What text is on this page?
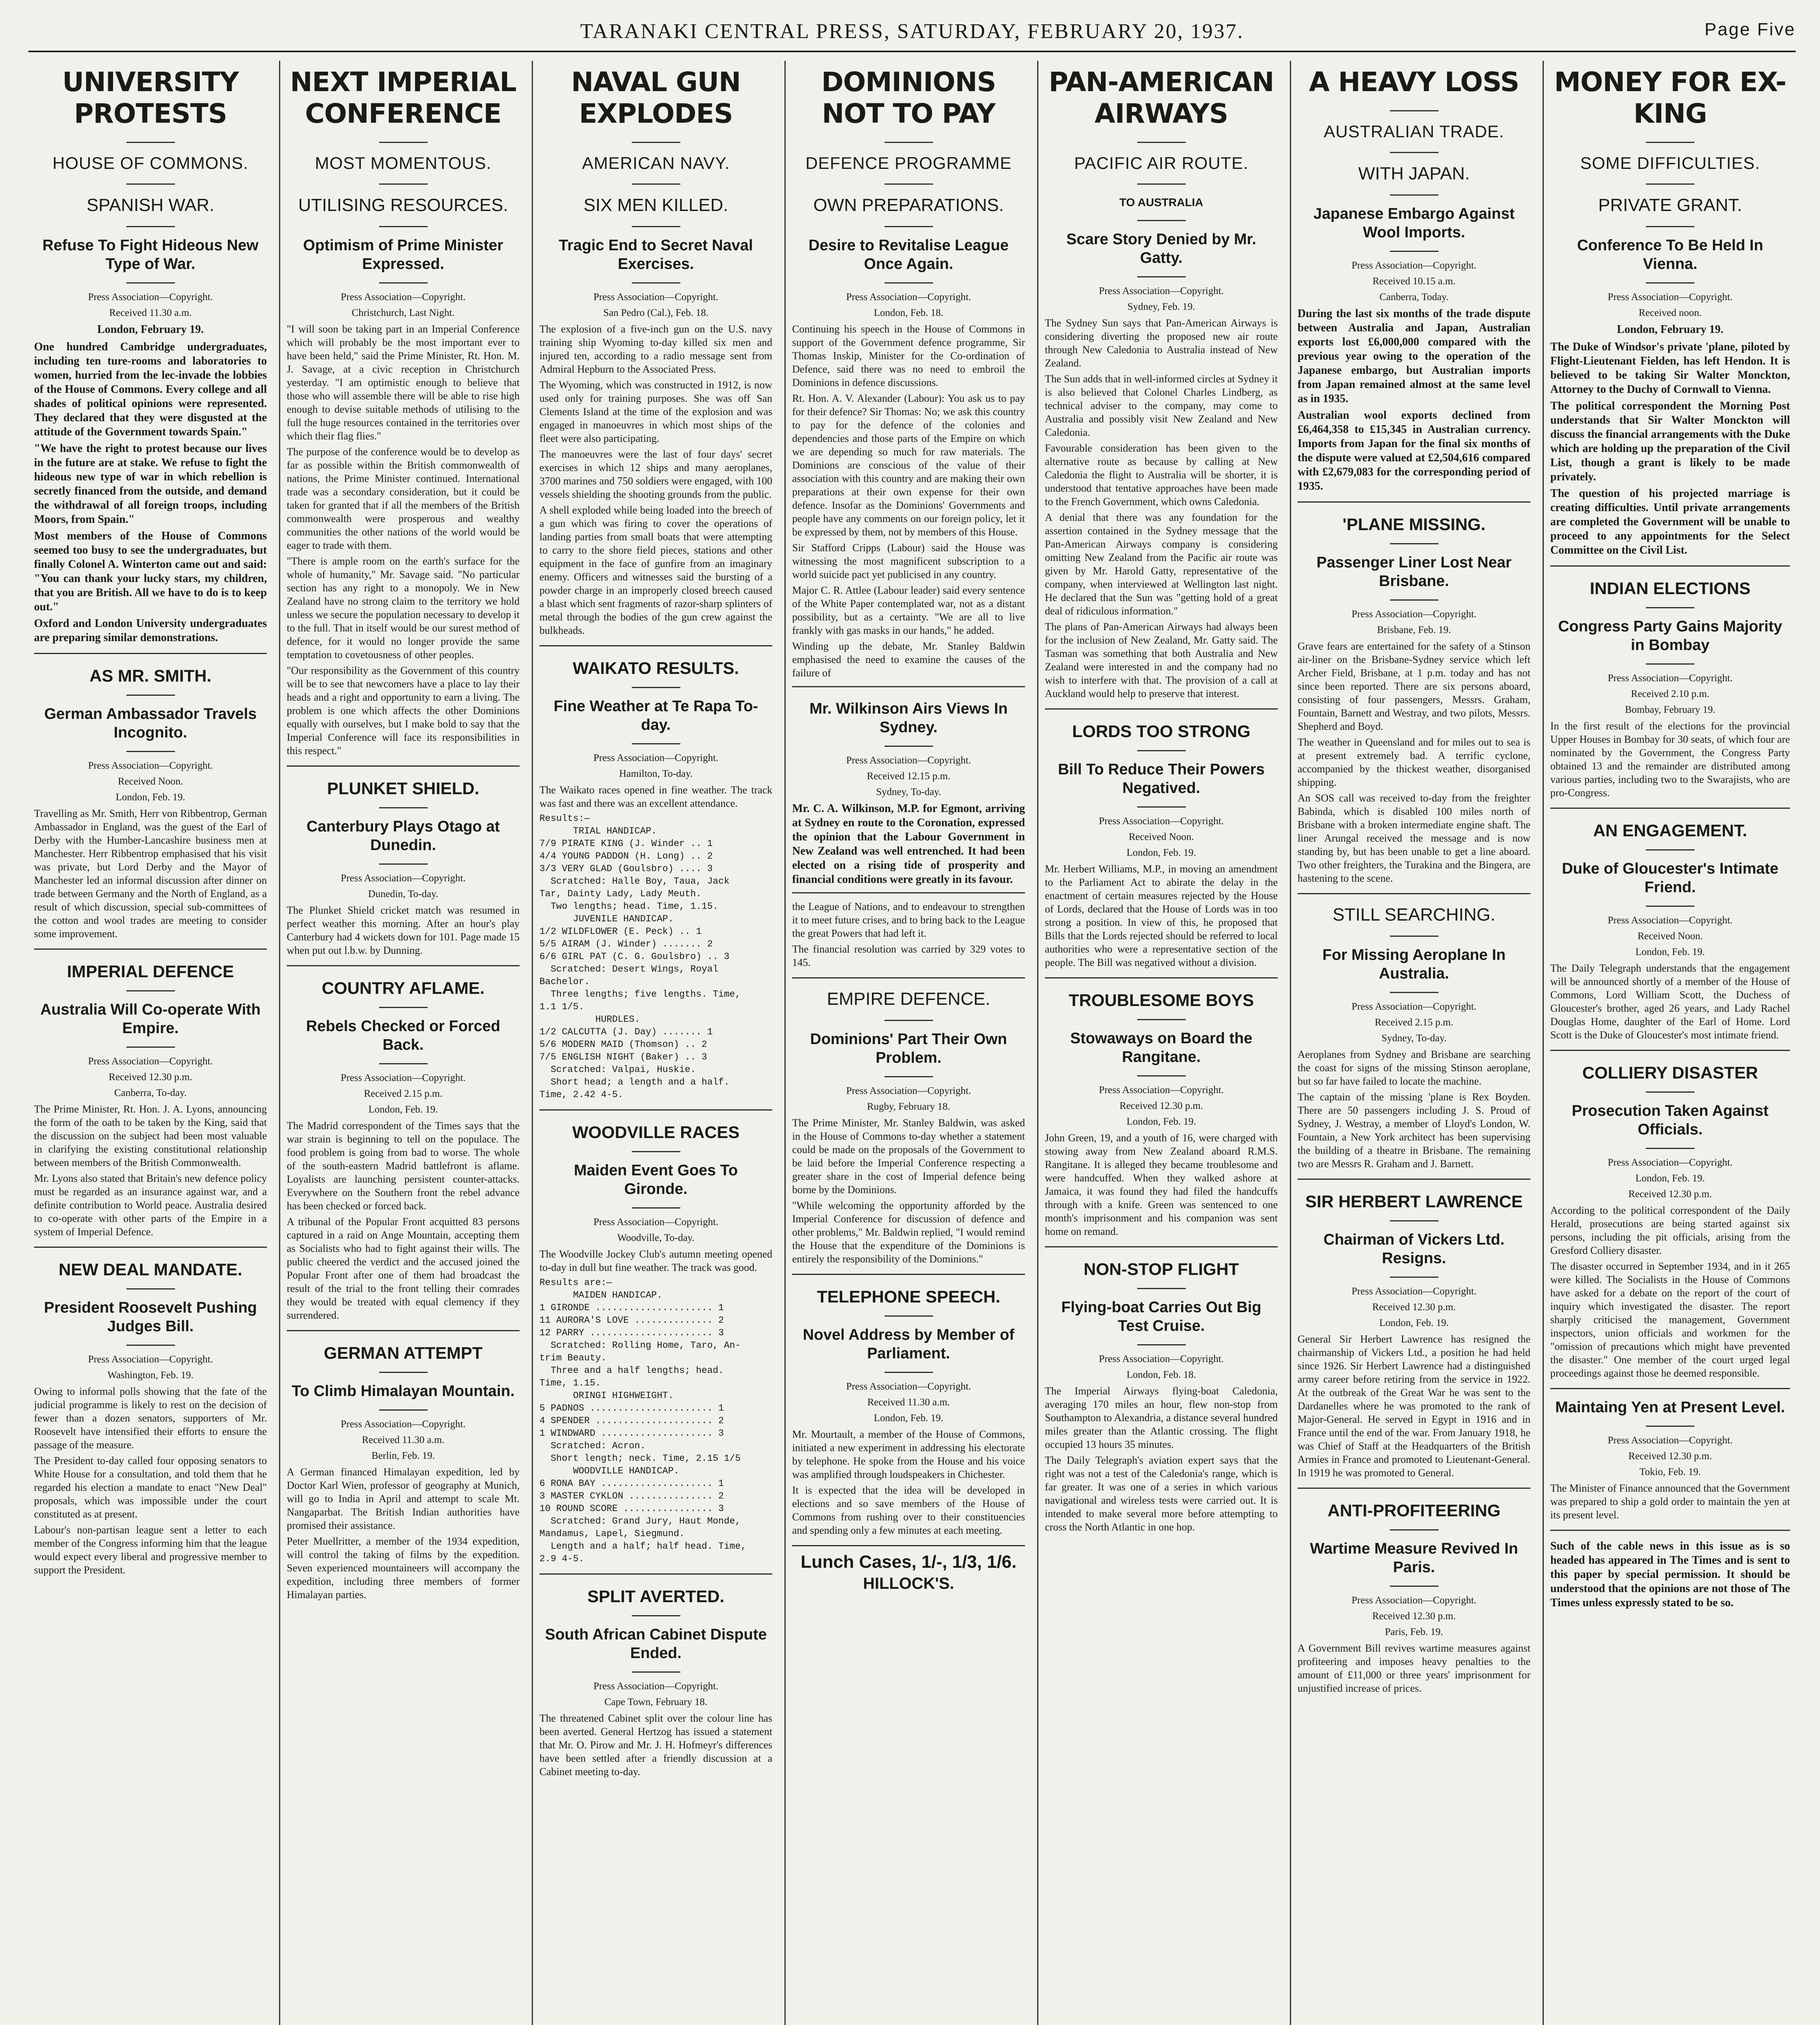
TARANAKI CENTRAL PRESS, SATURDAY, FEBRUARY 20, 1937.	Page Five
UNIVERSITY PROTESTS
HOUSE OF COMMONS.
SPANISH WAR.
Refuse To Fight Hideous New Type of War.
Press Association—Copyright.
Received 11.30 a.m.
London, February 19.

One hundred Cambridge undergraduates, including ten ture-rooms and laboratories to women, hurried from the lec-invade the lobbies of the House of Commons. Every college and all shades of political opinions were represented. They declared that they were disgusted at the attitude of the Government towards Spain."

"We have the right to protest because our lives in the future are at stake. We refuse to fight the hideous new type of war in which rebellion is secretly financed from the outside, and demand the withdrawal of all foreign troops, including Moors, from Spain."

Most members of the House of Commons seemed too busy to see the undergraduates, but finally Colonel A. Winterton came out and said: "You can thank your lucky stars, my children, that you are British. All we have to do is to keep out."

Oxford and London University undergraduates are preparing similar demonstrations.

AS MR. SMITH.
German Ambassador Travels Incognito.
Press Association—Copyright.
Received Noon.
London, Feb. 19.

Travelling as Mr. Smith, Herr von Ribbentrop, German Ambassador in England, was the guest of the Earl of Derby with the Humber-Lancashire business men at Manchester. Herr Ribbentrop emphasised that his visit was private, but Lord Derby and the Mayor of Manchester led an informal discussion after dinner on trade between Germany and the North of England, as a result of which discussion, special sub-committees of the cotton and wool trades are meeting to consider some improvement.

IMPERIAL DEFENCE
Australia Will Co-operate With Empire.
Press Association—Copyright.
Received 12.30 p.m.
Canberra, To-day.

The Prime Minister, Rt. Hon. J. A. Lyons, announcing the form of the oath to be taken by the King, said that the discussion on the subject had been most valuable in clarifying the existing constitutional relationship between members of the British Commonwealth.

Mr. Lyons also stated that Britain's new defence policy must be regarded as an insurance against war, and a definite contribution to World peace. Australia desired to co-operate with other parts of the Empire in a system of Imperial Defence.

NEW DEAL MANDATE.
President Roosevelt Pushing Judges Bill.
Press Association—Copyright.
Washington, Feb. 19.

Owing to informal polls showing that the fate of the judicial programme is likely to rest on the decision of fewer than a dozen senators, supporters of Mr. Roosevelt have intensified their efforts to ensure the passage of the measure.

The President to-day called four opposing senators to White House for a consultation, and told them that he regarded his election a mandate to enact "New Deal" proposals, which was impossible under the court constituted as at present.

Labour's non-partisan league sent a letter to each member of the Congress informing him that the league would expect every liberal and progressive member to support the President.

NEXT IMPERIAL CONFERENCE
MOST MOMENTOUS.
UTILISING RESOURCES.
Optimism of Prime Minister Expressed.
Press Association—Copyright.
Christchurch, Last Night.

"I will soon be taking part in an Imperial Conference which will probably be the most important ever to have been held," said the Prime Minister, Rt. Hon. M. J. Savage, at a civic reception in Christchurch yesterday. "I am optimistic enough to believe that those who will assemble there will be able to rise high enough to devise suitable methods of utilising to the full the huge resources contained in the territories over which their flag flies."

The purpose of the conference would be to develop as far as possible within the British commonwealth of nations, the Prime Minister continued. International trade was a secondary consideration, but it could be taken for granted that if all the members of the British commonwealth were prosperous and wealthy communities the other nations of the world would be eager to trade with them.

"There is ample room on the earth's surface for the whole of humanity," Mr. Savage said. "No particular section has any right to a monopoly. We in New Zealand have no strong claim to the territory we hold unless we secure the population necessary to develop it to the full. That in itself would be our surest method of defence, for it would no longer provide the same temptation to covetousness of other peoples.

"Our responsibility as the Government of this country will be to see that newcomers have a place to lay their heads and a right and opportunity to earn a living. The problem is one which affects the other Dominions equally with ourselves, but I make bold to say that the Imperial Conference will face its responsibilities in this respect."

PLUNKET SHIELD.
Canterbury Plays Otago at Dunedin.
Press Association—Copyright.
Dunedin, To-day.

The Plunket Shield cricket match was resumed in perfect weather this morning. After an hour's play Canterbury had 4 wickets down for 101. Page made 15 when put out l.b.w. by Dunning.

COUNTRY AFLAME.
Rebels Checked or Forced Back.
Press Association—Copyright.
Received 2.15 p.m.
London, Feb. 19.

The Madrid correspondent of the Times says that the war strain is beginning to tell on the populace. The food problem is going from bad to worse. The whole of the south-eastern Madrid battlefront is aflame. Loyalists are launching persistent counter-attacks. Everywhere on the Southern front the rebel advance has been checked or forced back.

A tribunal of the Popular Front acquitted 83 persons captured in a raid on Ange Mountain, accepting them as Socialists who had to fight against their wills. The public cheered the verdict and the accused joined the Popular Front after one of them had broadcast the result of the trial to the front telling their comrades they would be treated with equal clemency if they surrendered.

GERMAN ATTEMPT
To Climb Himalayan Mountain.
Press Association—Copyright.
Received 11.30 a.m.
Berlin, Feb. 19.

A German financed Himalayan expedition, led by Doctor Karl Wien, professor of geography at Munich, will go to India in April and attempt to scale Mt. Nangaparbat. The British Indian authorities have promised their assistance.

Peter Muellritter, a member of the 1934 expedition, will control the taking of films by the expedition. Seven experienced mountaineers will accompany the expedition, including three members of former Himalayan parties.

NAVAL GUN EXPLODES
AMERICAN NAVY.
SIX MEN KILLED.
Tragic End to Secret Naval Exercises.
Press Association—Copyright.
San Pedro (Cal.), Feb. 18.

The explosion of a five-inch gun on the U.S. navy training ship Wyoming to-day killed six men and injured ten, according to a radio message sent from Admiral Hepburn to the Associated Press.

The Wyoming, which was constructed in 1912, is now used only for training purposes. She was off San Clements Island at the time of the explosion and was engaged in manoeuvres in which most ships of the fleet were also participating.

The manoeuvres were the last of four days' secret exercises in which 12 ships and many aeroplanes, 3700 marines and 750 soldiers were engaged, with 100 vessels shielding the shooting grounds from the public.

A shell exploded while being loaded into the breech of a gun which was firing to cover the operations of landing parties from small boats that were attempting to carry to the shore field pieces, stations and other equipment in the face of gunfire from an imaginary enemy. Officers and witnesses said the bursting of a powder charge in an improperly closed breech caused a blast which sent fragments of razor-sharp splinters of metal through the bodies of the gun crew against the bulkheads.

WAIKATO RESULTS.
Fine Weather at Te Rapa To-day.
Press Association—Copyright.
Hamilton, To-day.

The Waikato races opened in fine weather. The track was fast and there was an excellent attendance.

Results:—
TRIAL HANDICAP.
7/9 PIRATE KING (J. Winder .. 1
4/4 YOUNG PADDON (H. Long) .. 2
3/3 VERY GLAD (Goulsbro) .... 3
Scratched: Halle Boy, Taua, Jack
Tar, Dainty Lady, Lady Meuth.
Two lengths; head. Time, 1.15.
JUVENILE HANDICAP.
1/2 WILDFLOWER (E. Peck) .. 1
5/5 AIRAM (J. Winder) ....... 2
6/6 GIRL PAT (C. G. Goulsbro) .. 3
Scratched: Desert Wings, Royal
Bachelor.
Three lengths; five lengths. Time,
1.1 1/5.
HURDLES.
1/2 CALCUTTA (J. Day) ....... 1
5/6 MODERN MAID (Thomson) .. 2
7/5 ENGLISH NIGHT (Baker) .. 3
Scratched: Valpai, Huskie.
Short head; a length and a half.
Time, 2.42 4-5.
WOODVILLE RACES
Maiden Event Goes To Gironde.
Press Association—Copyright.
Woodville, To-day.

The Woodville Jockey Club's autumn meeting opened to-day in dull but fine weather. The track was good.

Results are:—
MAIDEN HANDICAP.
1 GIRONDE ..................... 1
11 AURORA'S LOVE .............. 2
12 PARRY ...................... 3
Scratched: Rolling Home, Taro, An-
trim Beauty.
Three and a half lengths; head.
Time, 1.15.
ORINGI HIGHWEIGHT.
5 PADNOS ...................... 1
4 SPENDER ..................... 2
1 WINDWARD .................... 3
Scratched: Acron.
Short length; neck. Time, 2.15 1/5
WOODVILLE HANDICAP.
6 RONA BAY .................... 1
3 MASTER CYKLON ............... 2
10 ROUND SCORE ................ 3
Scratched: Grand Jury, Haut Monde,
Mandamus, Lapel, Siegmund.
Length and a half; half head. Time,
2.9 4-5.
SPLIT AVERTED.
South African Cabinet Dispute Ended.
Press Association—Copyright.
Cape Town, February 18.

The threatened Cabinet split over the colour line has been averted. General Hertzog has issued a statement that Mr. O. Pirow and Mr. J. H. Hofmeyr's differences have been settled after a friendly discussion at a Cabinet meeting to-day.

DOMINIONS NOT TO PAY
DEFENCE PROGRAMME
OWN PREPARATIONS.
Desire to Revitalise League Once Again.
Press Association—Copyright.
London, Feb. 18.

Continuing his speech in the House of Commons in support of the Government defence programme, Sir Thomas Inskip, Minister for the Co-ordination of Defence, said there was no need to embroil the Dominions in defence discussions.

Rt. Hon. A. V. Alexander (Labour): You ask us to pay for their defence? Sir Thomas: No; we ask this country to pay for the defence of the colonies and dependencies and those parts of the Empire on which we are depending so much for raw materials. The Dominions are conscious of the value of their association with this country and are making their own preparations at their own expense for their own defence. Insofar as the Dominions' Governments and people have any comments on our foreign policy, let it be expressed by them, not by members of this House.

Sir Stafford Cripps (Labour) said the House was witnessing the most magnificent subscription to a world suicide pact yet publicised in any country.

Major C. R. Attlee (Labour leader) said every sentence of the White Paper contemplated war, not as a distant possibility, but as a certainty. "We are all to live frankly with gas masks in our hands," he added.

Winding up the debate, Mr. Stanley Baldwin emphasised the need to examine the causes of the failure of

Mr. Wilkinson Airs Views In Sydney.
Press Association—Copyright.
Received 12.15 p.m.
Sydney, To-day.

Mr. C. A. Wilkinson, M.P. for Egmont, arriving at Sydney en route to the Coronation, expressed the opinion that the Labour Government in New Zealand was well entrenched. It had been elected on a rising tide of prosperity and financial conditions were greatly in its favour.

the League of Nations, and to endeavour to strengthen it to meet future crises, and to bring back to the League the great Powers that had left it.

The financial resolution was carried by 329 votes to 145.

EMPIRE DEFENCE.
Dominions' Part Their Own Problem.
Press Association—Copyright.
Rugby, February 18.

The Prime Minister, Mr. Stanley Baldwin, was asked in the House of Commons to-day whether a statement could be made on the proposals of the Government to be laid before the Imperial Conference respecting a greater share in the cost of Imperial defence being borne by the Dominions.

"While welcoming the opportunity afforded by the Imperial Conference for discussion of defence and other problems," Mr. Baldwin replied, "I would remind the House that the expenditure of the Dominions is entirely the responsibility of the Dominions."

TELEPHONE SPEECH.
Novel Address by Member of Parliament.
Press Association—Copyright.
Received 11.30 a.m.
London, Feb. 19.

Mr. Mourtault, a member of the House of Commons, initiated a new experiment in addressing his electorate by telephone. He spoke from the House and his voice was amplified through loudspeakers in Chichester.

It is expected that the idea will be developed in elections and so save members of the House of Commons from rushing over to their constituencies and spending only a few minutes at each meeting.

Lunch Cases, 1/-, 1/3, 1/6.
HILLOCK'S.
PAN-AMERICAN AIRWAYS
PACIFIC AIR ROUTE.
TO AUSTRALIA
Scare Story Denied by Mr. Gatty.
Press Association—Copyright.
Sydney, Feb. 19.

The Sydney Sun says that Pan-American Airways is considering diverting the proposed new air route through New Caledonia to Australia instead of New Zealand.

The Sun adds that in well-informed circles at Sydney it is also believed that Colonel Charles Lindberg, as technical adviser to the company, may come to Australia and possibly visit New Zealand and New Caledonia.

Favourable consideration has been given to the alternative route as because by calling at New Caledonia the flight to Australia will be shorter, it is understood that tentative approaches have been made to the French Government, which owns Caledonia.

A denial that there was any foundation for the assertion contained in the Sydney message that the Pan-American Airways company is considering omitting New Zealand from the Pacific air route was given by Mr. Harold Gatty, representative of the company, when interviewed at Wellington last night. He declared that the Sun was "getting hold of a great deal of ridiculous information."

The plans of Pan-American Airways had always been for the inclusion of New Zealand, Mr. Gatty said. The Tasman was something that both Australia and New Zealand were interested in and the company had no wish to interfere with that. The provision of a call at Auckland would help to preserve that interest.

LORDS TOO STRONG
Bill To Reduce Their Powers Negatived.
Press Association—Copyright.
Received Noon.
London, Feb. 19.

Mr. Herbert Williams, M.P., in moving an amendment to the Parliament Act to abirate the delay in the enactment of certain measures rejected by the House of Lords, declared that the House of Lords was in too strong a position. In view of this, he proposed that Bills that the Lords rejected should be referred to local authorities who were a representative section of the people. The Bill was negatived without a division.

TROUBLESOME BOYS
Stowaways on Board the Rangitane.
Press Association—Copyright.
Received 12.30 p.m.
London, Feb. 19.

John Green, 19, and a youth of 16, were charged with stowing away from New Zealand aboard R.M.S. Rangitane. It is alleged they became troublesome and were handcuffed. When they walked ashore at Jamaica, it was found they had filed the handcuffs through with a knife. Green was sentenced to one month's imprisonment and his companion was sent home on remand.

NON-STOP FLIGHT
Flying-boat Carries Out Big Test Cruise.
Press Association—Copyright.
London, Feb. 18.

The Imperial Airways flying-boat Caledonia, averaging 170 miles an hour, flew non-stop from Southampton to Alexandria, a distance several hundred miles greater than the Atlantic crossing. The flight occupied 13 hours 35 minutes.

The Daily Telegraph's aviation expert says that the right was not a test of the Caledonia's range, which is far greater. It was one of a series in which various navigational and wireless tests were carried out. It is intended to make several more before attempting to cross the North Atlantic in one hop.

A HEAVY LOSS
AUSTRALIAN TRADE.
WITH JAPAN.
Japanese Embargo Against Wool Imports.
Press Association—Copyright.
Received 10.15 a.m.
Canberra, Today.

During the last six months of the trade dispute between Australia and Japan, Australian exports lost £6,000,000 compared with the previous year owing to the operation of the Japanese embargo, but Australian imports from Japan remained almost at the same level as in 1935.

Australian wool exports declined from £6,464,358 to £15,345 in Australian currency. Imports from Japan for the final six months of the dispute were valued at £2,504,616 compared with £2,679,083 for the corresponding period of 1935.

'PLANE MISSING.
Passenger Liner Lost Near Brisbane.
Press Association—Copyright.
Brisbane, Feb. 19.

Grave fears are entertained for the safety of a Stinson air-liner on the Brisbane-Sydney service which left Archer Field, Brisbane, at 1 p.m. today and has not since been reported. There are six persons aboard, consisting of four passengers, Messrs. Graham, Fountain, Barnett and Westray, and two pilots, Messrs. Shepherd and Boyd.

The weather in Queensland and for miles out to sea is at present extremely bad. A terrific cyclone, accompanied by the thickest weather, disorganised shipping.

An SOS call was received to-day from the freighter Babinda, which is disabled 100 miles north of Brisbane with a broken intermediate engine shaft. The liner Arungal received the message and is now standing by, but has been unable to get a line aboard. Two other freighters, the Turakina and the Bingera, are hastening to the scene.

STILL SEARCHING.
For Missing Aeroplane In Australia.
Press Association—Copyright.
Received 2.15 p.m.
Sydney, To-day.

Aeroplanes from Sydney and Brisbane are searching the coast for signs of the missing Stinson aeroplane, but so far have failed to locate the machine.

The captain of the missing 'plane is Rex Boyden. There are 50 passengers including J. S. Proud of Sydney, J. Westray, a member of Lloyd's London, W. Fountain, a New York architect has been supervising the building of a theatre in Brisbane. The remaining two are Messrs R. Graham and J. Barnett.

SIR HERBERT LAWRENCE
Chairman of Vickers Ltd. Resigns.
Press Association—Copyright.
Received 12.30 p.m.
London, Feb. 19.

General Sir Herbert Lawrence has resigned the chairmanship of Vickers Ltd., a position he had held since 1926. Sir Herbert Lawrence had a distinguished army career before retiring from the service in 1922. At the outbreak of the Great War he was sent to the Dardanelles where he was promoted to the rank of Major-General. He served in Egypt in 1916 and in France until the end of the war. From January 1918, he was Chief of Staff at the Headquarters of the British Armies in France and promoted to Lieutenant-General. In 1919 he was promoted to General.

ANTI-PROFITEERING
Wartime Measure Revived In Paris.
Press Association—Copyright.
Received 12.30 p.m.
Paris, Feb. 19.

A Government Bill revives wartime measures against profiteering and imposes heavy penalties to the amount of £11,000 or three years' imprisonment for unjustified increase of prices.

MONEY FOR EX-KING
SOME DIFFICULTIES.
PRIVATE GRANT.
Conference To Be Held In Vienna.
Press Association—Copyright.
Received noon.
London, February 19.

The Duke of Windsor's private 'plane, piloted by Flight-Lieutenant Fielden, has left Hendon. It is believed to be taking Sir Walter Monckton, Attorney to the Duchy of Cornwall to Vienna.

The political correspondent the Morning Post understands that Sir Walter Monckton will discuss the financial arrangements with the Duke which are holding up the preparation of the Civil List, though a grant is likely to be made privately.

The question of his projected marriage is creating difficulties. Until private arrangements are completed the Government will be unable to proceed to any appointments for the Select Committee on the Civil List.

INDIAN ELECTIONS
Congress Party Gains Majority in Bombay
Press Association—Copyright.
Received 2.10 p.m.
Bombay, February 19.

In the first result of the elections for the provincial Upper Houses in Bombay for 30 seats, of which four are nominated by the Government, the Congress Party obtained 13 and the remainder are distributed among various parties, including two to the Swarajists, who are pro-Congress.

AN ENGAGEMENT.
Duke of Gloucester's Intimate Friend.
Press Association—Copyright.
Received Noon.
London, Feb. 19.

The Daily Telegraph understands that the engagement will be announced shortly of a member of the House of Commons, Lord William Scott, the Duchess of Gloucester's brother, aged 26 years, and Lady Rachel Douglas Home, daughter of the Earl of Home. Lord Scott is the Duke of Gloucester's most intimate friend.

COLLIERY DISASTER
Prosecution Taken Against Officials.
Press Association—Copyright.
London, Feb. 19.
Received 12.30 p.m.

According to the political correspondent of the Daily Herald, prosecutions are being started against six persons, including the pit officials, arising from the Gresford Colliery disaster.

The disaster occurred in September 1934, and in it 265 were killed. The Socialists in the House of Commons have asked for a debate on the report of the court of inquiry which investigated the disaster. The report sharply criticised the management, Government inspectors, union officials and workmen for the "omission of precautions which might have prevented the disaster." One member of the court urged legal proceedings against those he deemed responsible.

Maintaing Yen at Present Level.
Press Association—Copyright.
Received 12.30 p.m.
Tokio, Feb. 19.

The Minister of Finance announced that the Government was prepared to ship a gold order to maintain the yen at its present level.

Such of the cable news in this issue as is so headed has appeared in The Times and is sent to this paper by special permission. It should be understood that the opinions are not those of The Times unless expressly stated to be so.
